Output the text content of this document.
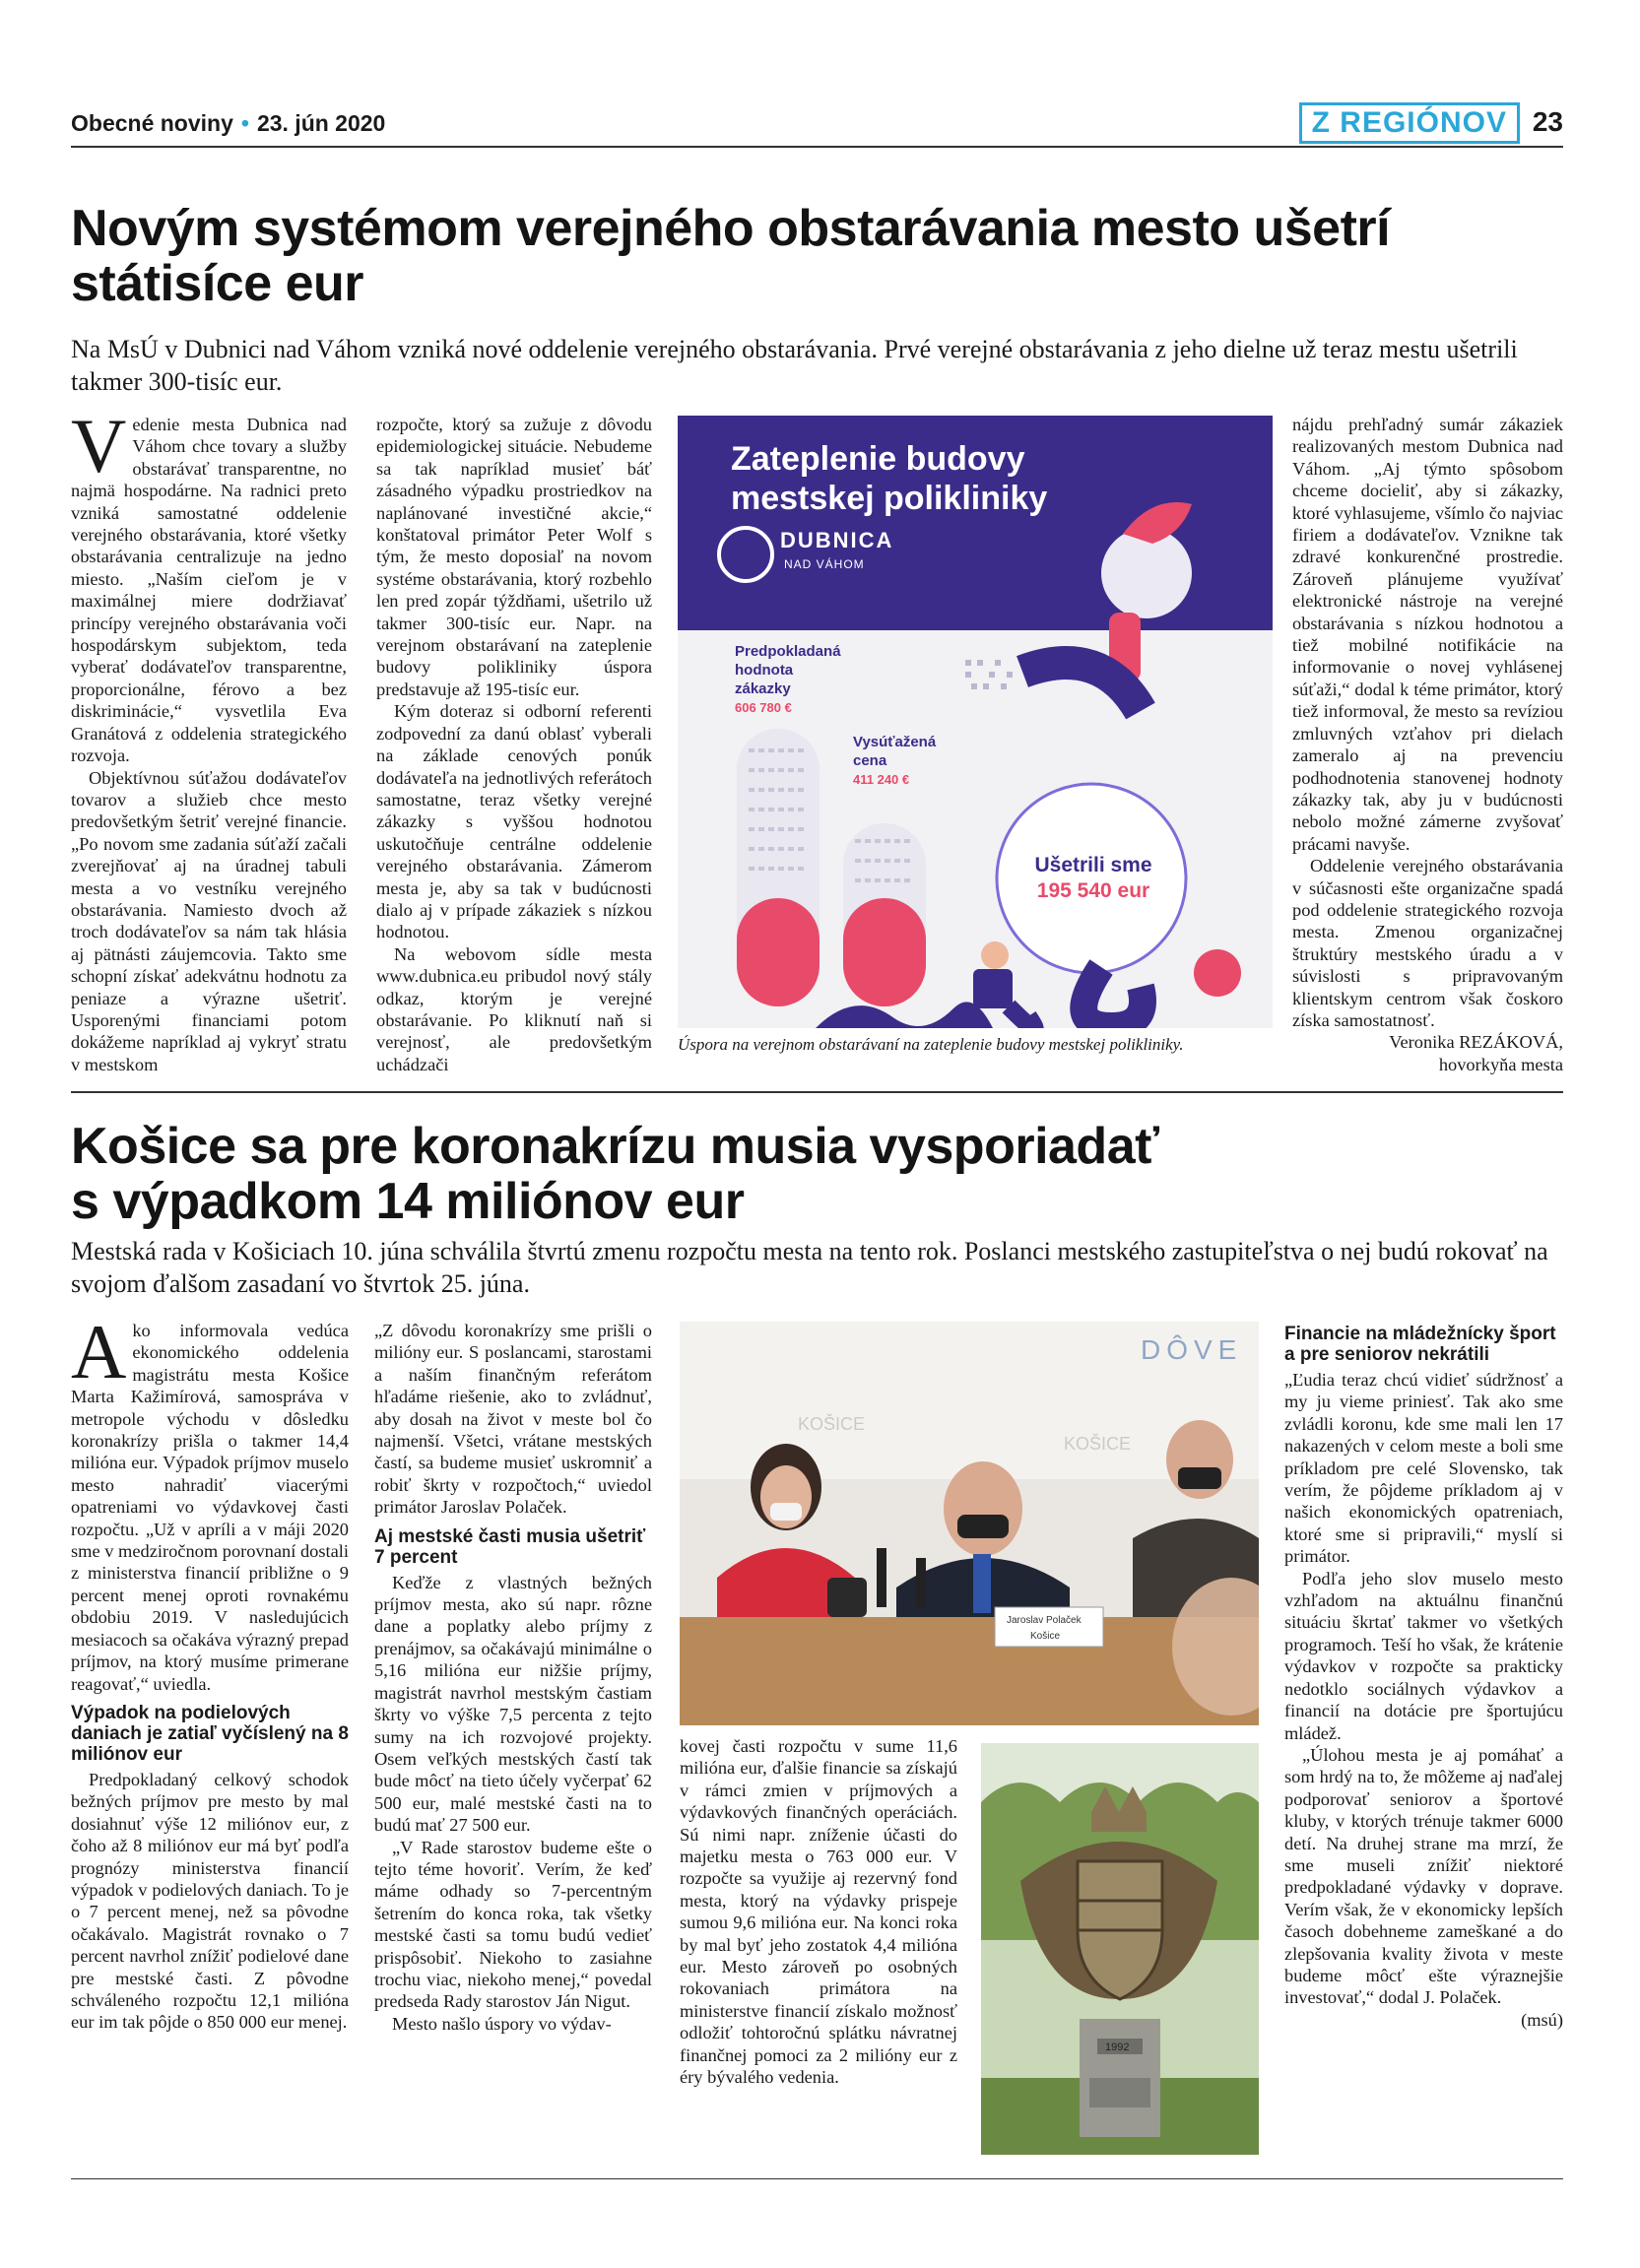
Obecné noviny • 23. jún 2020	Z REGIÓNOV 23
Novým systémom verejného obstarávania mesto ušetrí státisíce eur
Na MsÚ v Dubnici nad Váhom vzniká nové oddelenie verejného obstarávania. Prvé verejné obstarávania z jeho dielne už teraz mestu ušetrili takmer 300-tisíc eur.

Vedenie mesta Dubnica nad Váhom chce tovary a služby obstarávať transparentne, no najmä hospodárne. Na radnici preto vzniká samostatné oddelenie verejného obstarávania, ktoré všetky obstarávania centralizuje na jedno miesto. „Naším cieľom je v maximálnej miere dodržiavať princípy verejného obstarávania voči hospodárskym subjektom, teda vyberať dodávateľov transparentne, proporcionálne, férovo a bez diskriminácie,“ vysvetlila Eva Granátová z oddelenia strategického rozvoja.

Objektívnou súťažou dodávateľov tovarov a služieb chce mesto predovšetkým šetriť verejné financie. „Po novom sme zadania súťaží začali zverejňovať aj na úradnej tabuli mesta a vo vestníku verejného obstarávania. Namiesto dvoch až troch dodávateľov sa nám tak hlásia aj pätnásti záujemcovia. Takto sme schopní získať adekvátnu hodnotu za peniaze a výrazne ušetriť. Usporenými financiami potom dokážeme napríklad aj vykryť stratu v mestskom

rozpočte, ktorý sa zužuje z dôvodu epidemiologickej situácie. Nebudeme sa tak napríklad musieť báť zásadného výpadku prostriedkov na naplánované investičné akcie,“ konštatoval primátor Peter Wolf s tým, že mesto doposiaľ na novom systéme obstarávania, ktorý rozbehlo len pred zopár týždňami, ušetrilo už takmer 300-tisíc eur. Napr. na verejnom obstarávaní na zateplenie budovy polikliniky úspora predstavuje až 195-tisíc eur.

Kým doteraz si odborní referenti zodpovední za danú oblasť vyberali na základe cenových ponúk dodávateľa na jednotlivých referátoch samostatne, teraz všetky verejné zákazky s vyššou hodnotou uskutočňuje centrálne oddelenie verejného obstarávania. Zámerom mesta je, aby sa tak v budúcnosti dialo aj v prípade zákaziek s nízkou hodnotou.

Na webovom sídle mesta www.dubnica.eu pribudol nový stály odkaz, ktorým je verejné obstarávanie. Po kliknutí naň si verejnosť, ale predovšetkým uchádzači

Zateplenie budovy
mestskej polikliniky
DUBNICA
NAD VÁHOM
Predpokladaná
hodnota
zákazky
606 780 €
Vysúťažená
cena
411 240 €
Ušetrili sme
195 540 eur
Úspora na verejnom obstarávaní na zateplenie budovy mestskej polikliniky.

nájdu prehľadný sumár zákaziek realizovaných mestom Dubnica nad Váhom. „Aj týmto spôsobom chceme docieliť, aby si zákazky, ktoré vyhlasujeme, všímlo čo najviac firiem a dodávateľov. Vznikne tak zdravé konkurenčné prostredie. Zároveň plánujeme využívať elektronické nástroje na verejné obstarávania s nízkou hodnotou a tiež mobilné notifikácie na informovanie o novej vyhlásenej súťaži,“ dodal k téme primátor, ktorý tiež informoval, že mesto sa revíziou zmluvných vzťahov pri dielach zameralo aj na prevenciu podhodnotenia stanovenej hodnoty zákazky tak, aby ju v budúcnosti nebolo možné zámerne zvyšovať prácami navyše.

Oddelenie verejného obstarávania v súčasnosti ešte organizačne spadá pod oddelenie strategického rozvoja mesta. Zmenou organizačnej štruktúry mestského úradu a v súvislosti s pripravovaným klientskym centrom však čoskoro získa samostatnosť.

Veronika REZÁKOVÁ,

hovorkyňa mesta

Košice sa pre koronakrízu musia vysporiadať
s výpadkom 14 miliónov eur
Mestská rada v Košiciach 10. júna schválila štvrtú zmenu rozpočtu mesta na tento rok. Poslanci mestského zastupiteľstva o nej budú rokovať na svojom ďalšom zasadaní vo štvrtok 25. júna.

Ako informovala vedúca ekonomického oddelenia magistrátu mesta Košice Marta Kažimírová, samospráva v metropole východu v dôsledku koronakrízy prišla o takmer 14,4 milióna eur. Výpadok príjmov muselo mesto nahradiť viacerými opatreniami vo výdavkovej časti rozpočtu. „Už v apríli a v máji 2020 sme v medziročnom porovnaní dostali z ministerstva financií približne o 9 percent menej oproti rovnakému obdobiu 2019. V nasledujúcich mesiacoch sa očakáva výrazný prepad príjmov, na ktorý musíme primerane reagovať,“ uviedla.

Výpadok na podielových daniach je zatiaľ vyčíslený na 8 miliónov eur

Predpokladaný celkový schodok bežných príjmov pre mesto by mal dosiahnuť výše 12 miliónov eur, z čoho až 8 miliónov eur má byť podľa prognózy ministerstva financií výpadok v podielových daniach. To je o 7 percent menej, než sa pôvodne očakávalo. Magistrát rovnako o 7 percent navrhol znížiť podielové dane pre mestské časti. Z pôvodne schváleného rozpočtu 12,1 milióna eur im tak pôjde o 850 000 eur menej.

„Z dôvodu koronakrízy sme prišli o milióny eur. S poslancami, starostami a naším finančným referátom hľadáme riešenie, ako to zvládnuť, aby dosah na život v meste bol čo najmenší. Všetci, vrátane mestských častí, sa budeme musieť uskromniť a robiť škrty v rozpočtoch,“ uviedol primátor Jaroslav Polaček.

Aj mestské časti musia ušetriť 7 percent

Keďže z vlastných bežných príjmov mesta, ako sú napr. rôzne dane a poplatky alebo príjmy z prenájmov, sa očakávajú minimálne o 5,16 milióna eur nižšie príjmy, magistrát navrhol mestským častiam škrty vo výške 7,5 percenta z tejto sumy na ich rozvojové projekty. Osem veľkých mestských častí tak bude môcť na tieto účely vyčerpať 62 500 eur, malé mestské časti na to budú mať 27 500 eur.

„V Rade starostov budeme ešte o tejto téme hovoriť. Verím, že keď máme odhady so 7-percentným šetrením do konca roka, tak všetky mestské časti sa tomu budú vedieť prispôsobiť. Niekoho to zasiahne trochu viac, niekoho menej,“ povedal predseda Rady starostov Ján Nigut.

Mesto našlo úspory vo výdav-

DÔVE
KOŠICE
KOŠICE
Jaroslav Polaček
Košice

kovej časti rozpočtu v sume 11,6 milióna eur, ďalšie financie sa získajú v rámci zmien v príjmových a výdavkových finančných operáciách. Sú nimi napr. zníženie účasti do majetku mesta o 763 000 eur. V rozpočte sa využije aj rezervný fond mesta, ktorý na výdavky prispeje sumou 9,6 milióna eur. Na konci roka by mal byť jeho zostatok 4,4 milióna eur. Mesto zároveň po osobných rokovaniach primátora na ministerstve financií získalo možnosť odložiť tohtoročnú splátku návratnej finančnej pomoci za 2 milióny eur z éry bývalého vedenia.

1992
Financie na mládežnícky šport a pre seniorov nekrátili

„Ľudia teraz chcú vidieť súdržnosť a my ju vieme priniesť. Tak ako sme zvládli koronu, kde sme mali len 17 nakazených v celom meste a boli sme príkladom pre celé Slovensko, tak verím, že pôjdeme príkladom aj v našich ekonomických opatreniach, ktoré sme si pripravili,“ myslí si primátor.

Podľa jeho slov muselo mesto vzhľadom na aktuálnu finančnú situáciu škrtať takmer vo všetkých programoch. Teší ho však, že krátenie výdavkov v rozpočte sa prakticky nedotklo sociálnych výdavkov a financií na dotácie pre športujúcu mládež.

„Úlohou mesta je aj pomáhať a som hrdý na to, že môžeme aj naďalej podporovať seniorov a športové kluby, v ktorých trénuje takmer 6000 detí. Na druhej strane ma mrzí, že sme museli znížiť niektoré predpokladané výdavky v doprave. Verím však, že v ekonomicky lepších časoch dobehneme zameškané a do zlepšovania kvality života v meste budeme môcť ešte výraznejšie investovať,“ dodal J. Polaček.

(msú)
